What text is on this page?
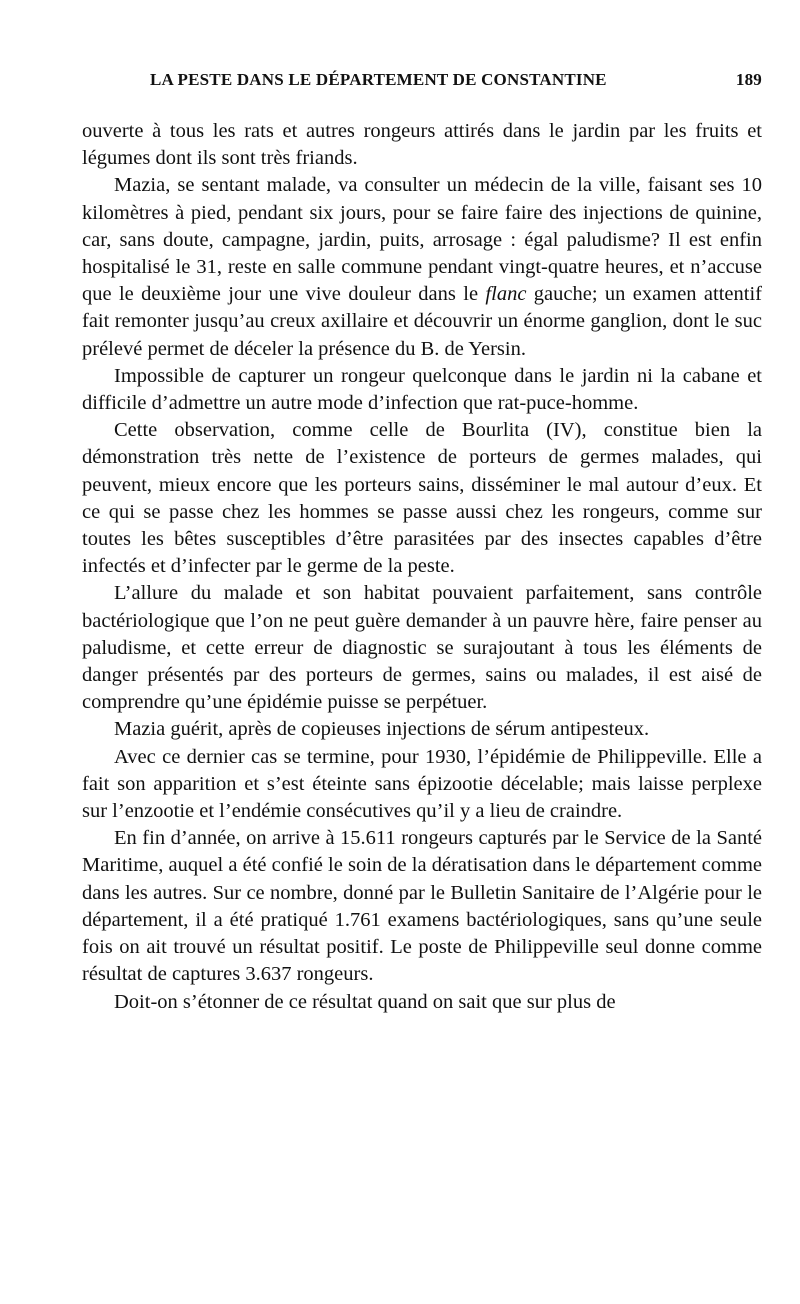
LA PESTE DANS LE DÉPARTEMENT DE CONSTANTINE	189

ouverte à tous les rats et autres rongeurs attirés dans le jardin par les fruits et légumes dont ils sont très friands.

Mazia, se sentant malade, va consulter un médecin de la ville, faisant ses 10 kilomètres à pied, pendant six jours, pour se faire faire des injections de quinine, car, sans doute, campagne, jardin, puits, arrosage : égal paludisme? Il est enfin hospitalisé le 31, reste en salle commune pendant vingt-quatre heures, et n’accuse que le deuxième jour une vive douleur dans le flanc gauche; un examen attentif fait remonter jusqu’au creux axillaire et découvrir un énorme ganglion, dont le suc prélevé permet de déceler la présence du B. de Yersin.

Impossible de capturer un rongeur quelconque dans le jardin ni la cabane et difficile d’admettre un autre mode d’infection que rat-puce-homme.

Cette observation, comme celle de Bourlita (IV), constitue bien la démonstration très nette de l’existence de porteurs de germes malades, qui peuvent, mieux encore que les porteurs sains, disséminer le mal autour d’eux. Et ce qui se passe chez les hommes se passe aussi chez les rongeurs, comme sur toutes les bêtes susceptibles d’être parasitées par des insectes capables d’être infectés et d’infecter par le germe de la peste.

L’allure du malade et son habitat pouvaient parfaitement, sans contrôle bactériologique que l’on ne peut guère demander à un pauvre hère, faire penser au paludisme, et cette erreur de diagnostic se surajoutant à tous les éléments de danger présentés par des porteurs de germes, sains ou malades, il est aisé de comprendre qu’une épidémie puisse se perpétuer.

Mazia guérit, après de copieuses injections de sérum antipesteux.

Avec ce dernier cas se termine, pour 1930, l’épidémie de Philippeville. Elle a fait son apparition et s’est éteinte sans épizootie décelable; mais laisse perplexe sur l’enzootie et l’endémie consécutives qu’il y a lieu de craindre.

En fin d’année, on arrive à 15.611 rongeurs capturés par le Service de la Santé Maritime, auquel a été confié le soin de la dératisation dans le département comme dans les autres. Sur ce nombre, donné par le Bulletin Sanitaire de l’Algérie pour le département, il a été pratiqué 1.761 examens bactériologiques, sans qu’une seule fois on ait trouvé un résultat positif. Le poste de Philippeville seul donne comme résultat de captures 3.637 rongeurs.

Doit-on s’étonner de ce résultat quand on sait que sur plus de
